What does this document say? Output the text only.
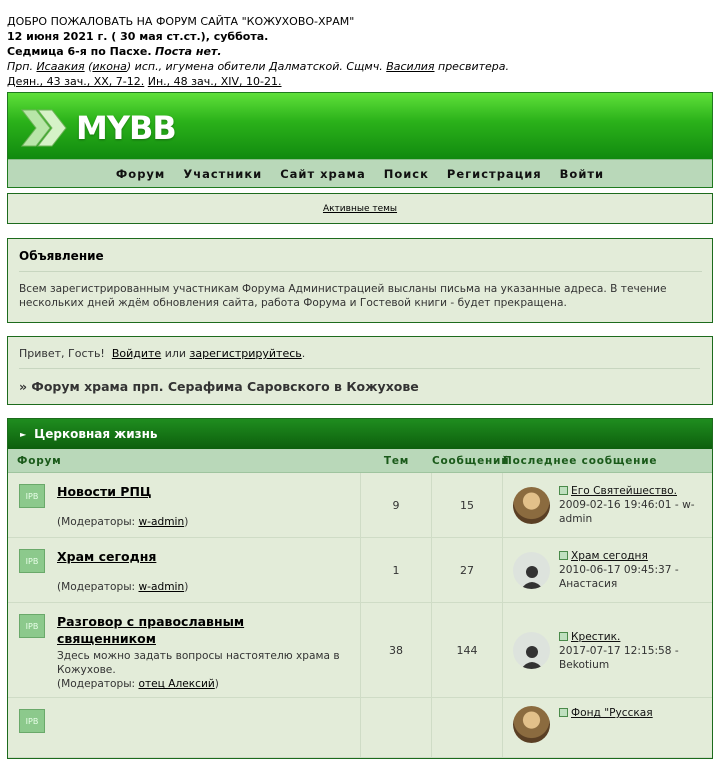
ДОБРО ПОЖАЛОВАТЬ НА ФОРУМ САЙТА "КОЖУХОВО-ХРАМ"
12 июня 2021 г. ( 30 мая ст.ст.), суббота.
Седмица 6-я по Пасхе. Поста нет.
Прп. Исаакия (икона) исп., игумена обители Далматской. Сщмч. Василия пресвитера.
Деян., 43 зач., XX, 7-12. Ин., 48 зач., XIV, 10-21.
MYBB
Форум Участники Сайт храма Поиск Регистрация Войти
Активные темы
Объявление

Всем зарегистрированным участникам Форума Администрацией высланы письма на указанные адреса. В течение нескольких дней ждём обновления сайта, работа Форума и Гостевой книги - будет прекращена.

Привет, Гость! Войдите или зарегистрируйтесь.
» Форум храма прп. Серафима Саровского в Кожухове
► Церковная жизнь
Форум	Тем	Сообщений
Последнее сообщение
IPB	Новости РПЦ
(Модераторы: w-admin)
9	15
Его Святейшество.
2009-02-16 19:46:01 - w-admin
IPB	Храм сегодня
(Модераторы: w-admin)
1	27
Храм сегодня
2010-06-17 09:45:37 - Анастасия
IPB	Разговор с православным священником
Здесь можно задать вопросы настоятелю храма в Кожухове.
(Модераторы: отец Алексий)
38	144
Крестик.
2017-07-17 12:15:58 - Bekotium
IPB
Фонд "Русская
